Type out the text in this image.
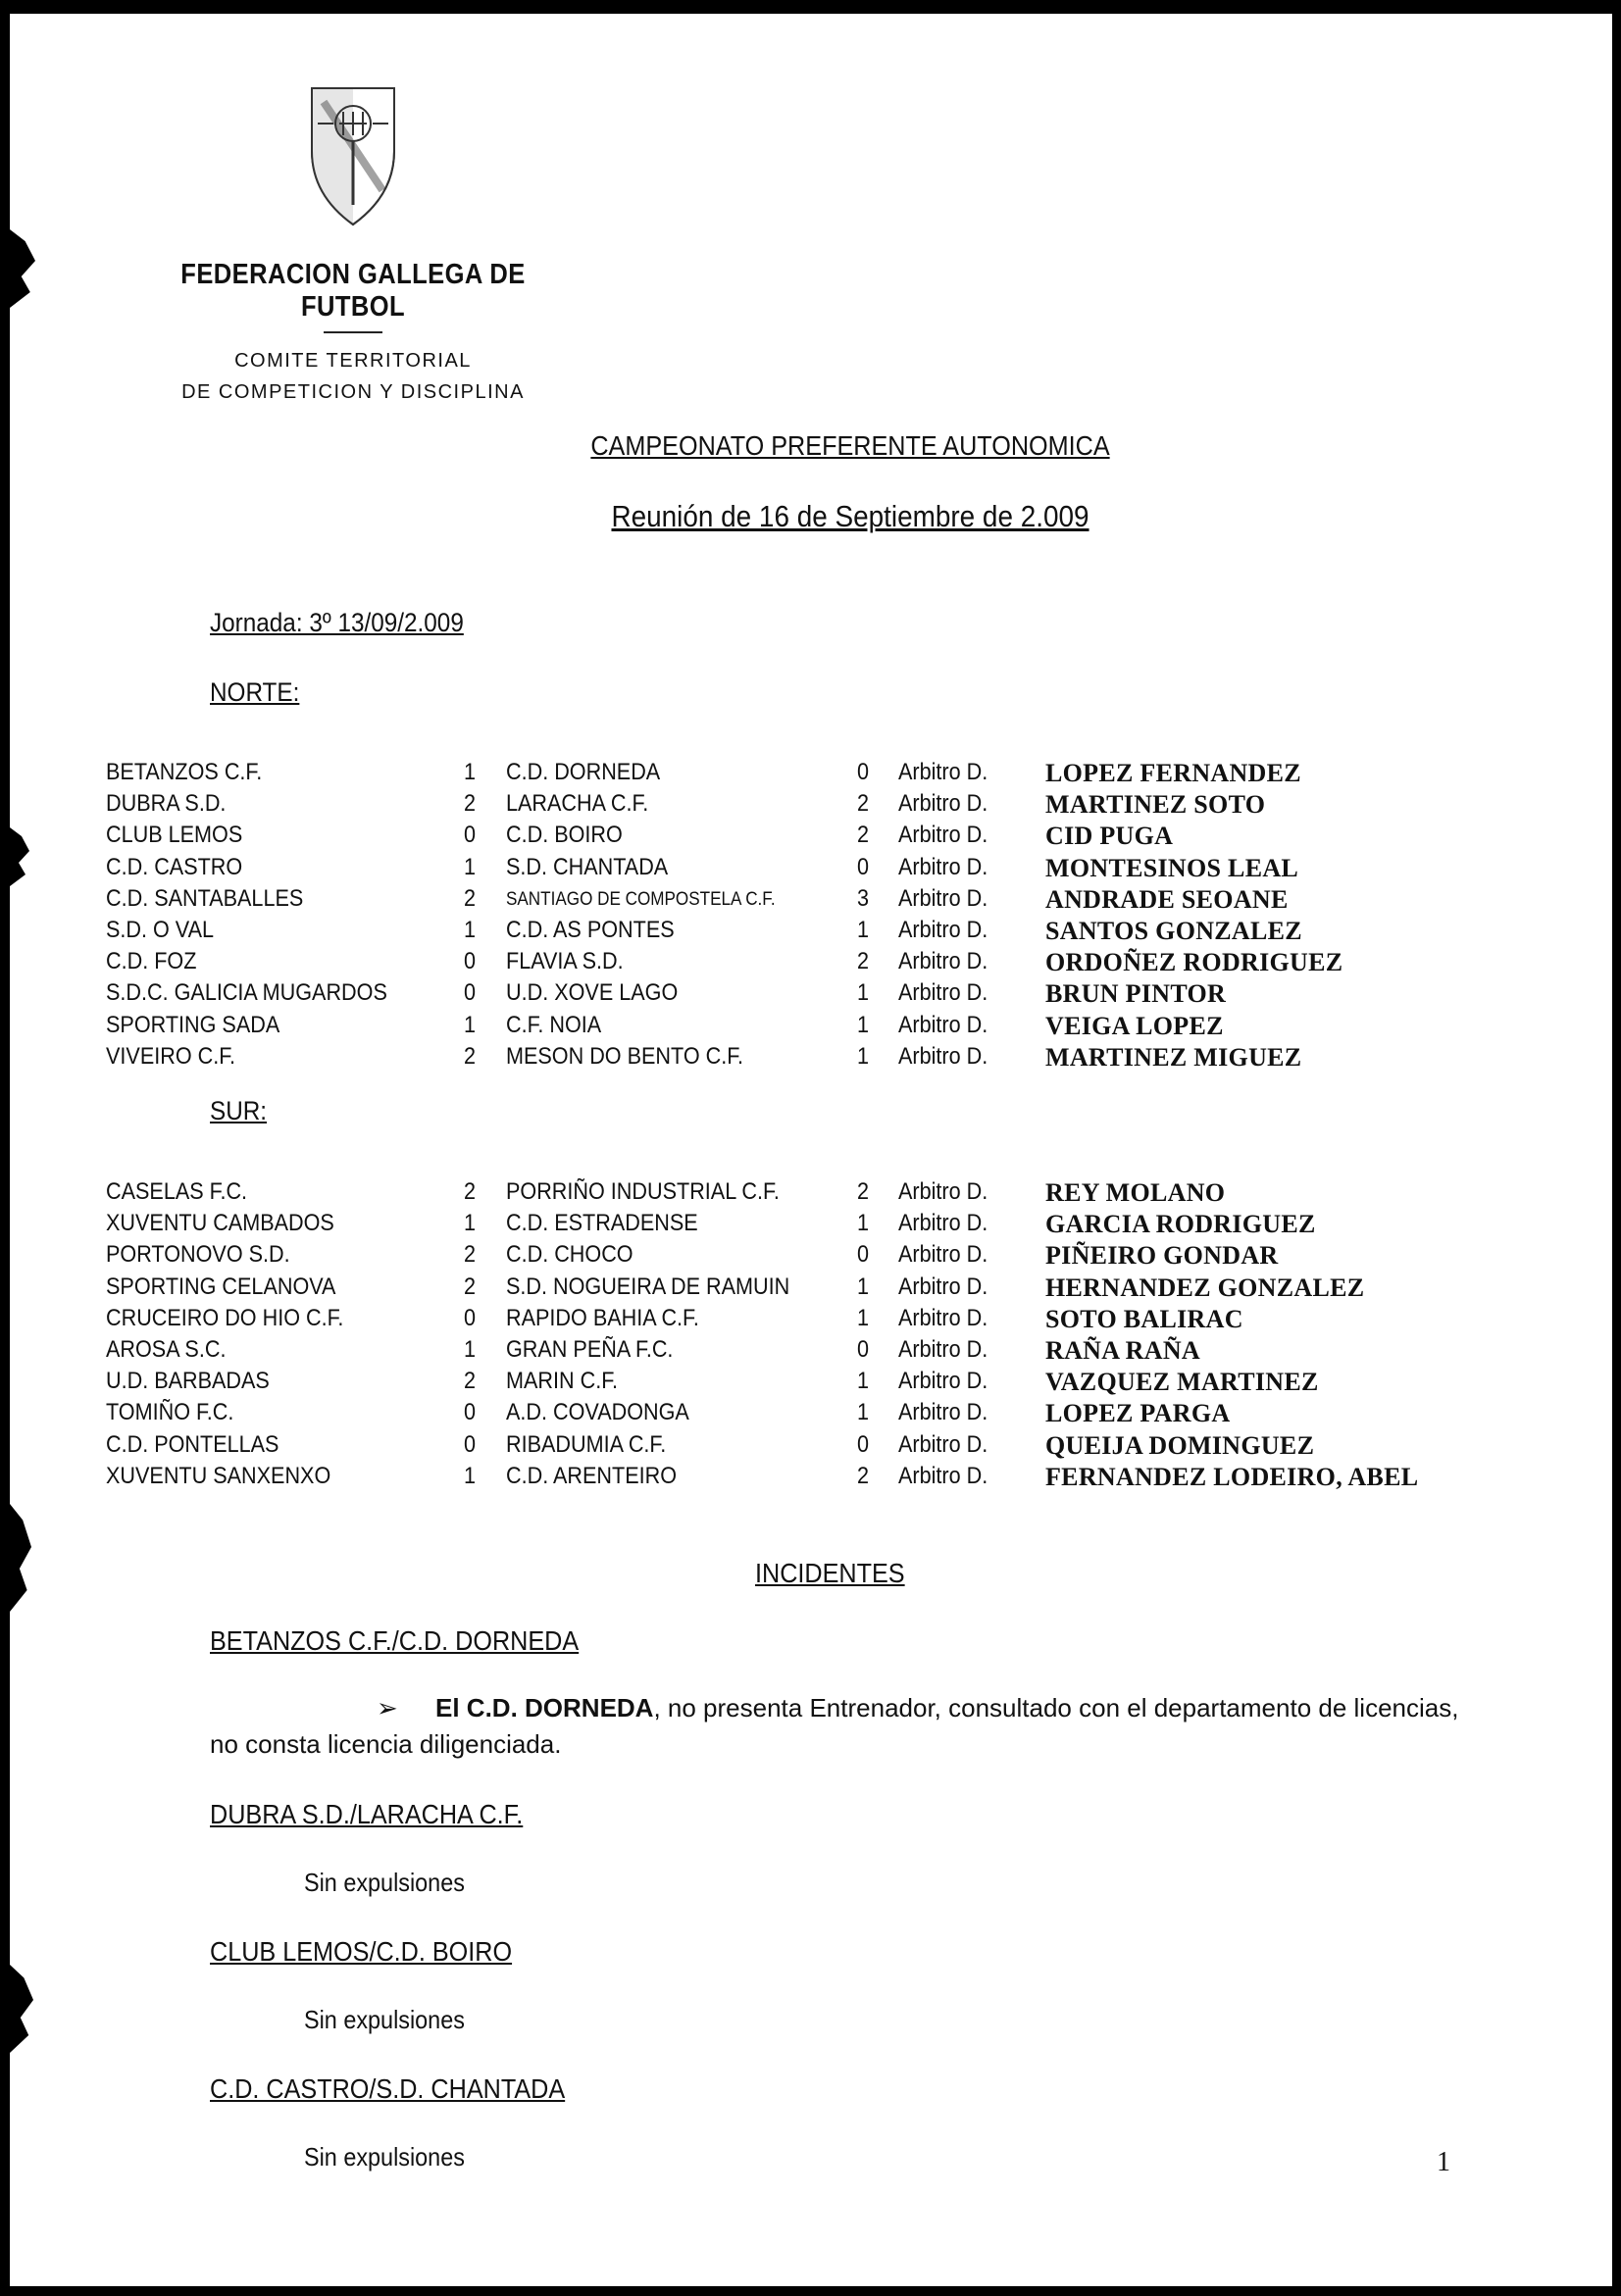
FEDERACION GALLEGA DE FUTBOL
COMITE TERRITORIAL
DE COMPETICION Y DISCIPLINA
CAMPEONATO PREFERENTE AUTONOMICA
Reunión de 16 de Septiembre de 2.009
Jornada: 3º 13/09/2.009
NORTE:
BETANZOS C.F.	1 C.D. DORNEDA	0 Arbitro D. LOPEZ FERNANDEZ
DUBRA S.D.	2 LARACHA C.F.	2 Arbitro D. MARTINEZ SOTO
CLUB LEMOS	0 C.D. BOIRO	2 Arbitro D. CID PUGA
C.D. CASTRO	1 S.D. CHANTADA	0 Arbitro D. MONTESINOS LEAL
C.D. SANTABALLES	2 SANTIAGO DE COMPOSTELA C.F.	3 Arbitro D. ANDRADE SEOANE
S.D. O VAL	1 C.D. AS PONTES	1 Arbitro D. SANTOS GONZALEZ
C.D. FOZ	0 FLAVIA S.D.	2 Arbitro D. ORDOÑEZ RODRIGUEZ
S.D.C. GALICIA MUGARDOS	0 U.D. XOVE LAGO	1 Arbitro D. BRUN PINTOR
SPORTING SADA	1 C.F. NOIA	1 Arbitro D. VEIGA LOPEZ
VIVEIRO C.F.	2 MESON DO BENTO C.F.	1 Arbitro D. MARTINEZ MIGUEZ
SUR:
CASELAS F.C.	2 PORRIÑO INDUSTRIAL C.F.	2 Arbitro D. REY MOLANO
XUVENTU CAMBADOS	1 C.D. ESTRADENSE	1 Arbitro D. GARCIA RODRIGUEZ
PORTONOVO S.D.	2 C.D. CHOCO	0 Arbitro D. PIÑEIRO GONDAR
SPORTING CELANOVA	2 S.D. NOGUEIRA DE RAMUIN	1 Arbitro D. HERNANDEZ GONZALEZ
CRUCEIRO DO HIO C.F.	0 RAPIDO BAHIA C.F.	1 Arbitro D. SOTO BALIRAC
AROSA S.C.	1 GRAN PEÑA F.C.	0 Arbitro D. RAÑA RAÑA
U.D. BARBADAS	2 MARIN C.F.	1 Arbitro D. VAZQUEZ MARTINEZ
TOMIÑO F.C.	0 A.D. COVADONGA	1 Arbitro D. LOPEZ PARGA
C.D. PONTELLAS	0 RIBADUMIA C.F.	0 Arbitro D. QUEIJA DOMINGUEZ
XUVENTU SANXENXO	1 C.D. ARENTEIRO	2 Arbitro D. FERNANDEZ LODEIRO, ABEL
INCIDENTES
BETANZOS C.F./C.D. DORNEDA
➢ El C.D. DORNEDA, no presenta Entrenador, consultado con el departamento de licencias, no consta licencia diligenciada.
DUBRA S.D./LARACHA C.F.
Sin expulsiones
CLUB LEMOS/C.D. BOIRO
Sin expulsiones
C.D. CASTRO/S.D. CHANTADA
Sin expulsiones	1
